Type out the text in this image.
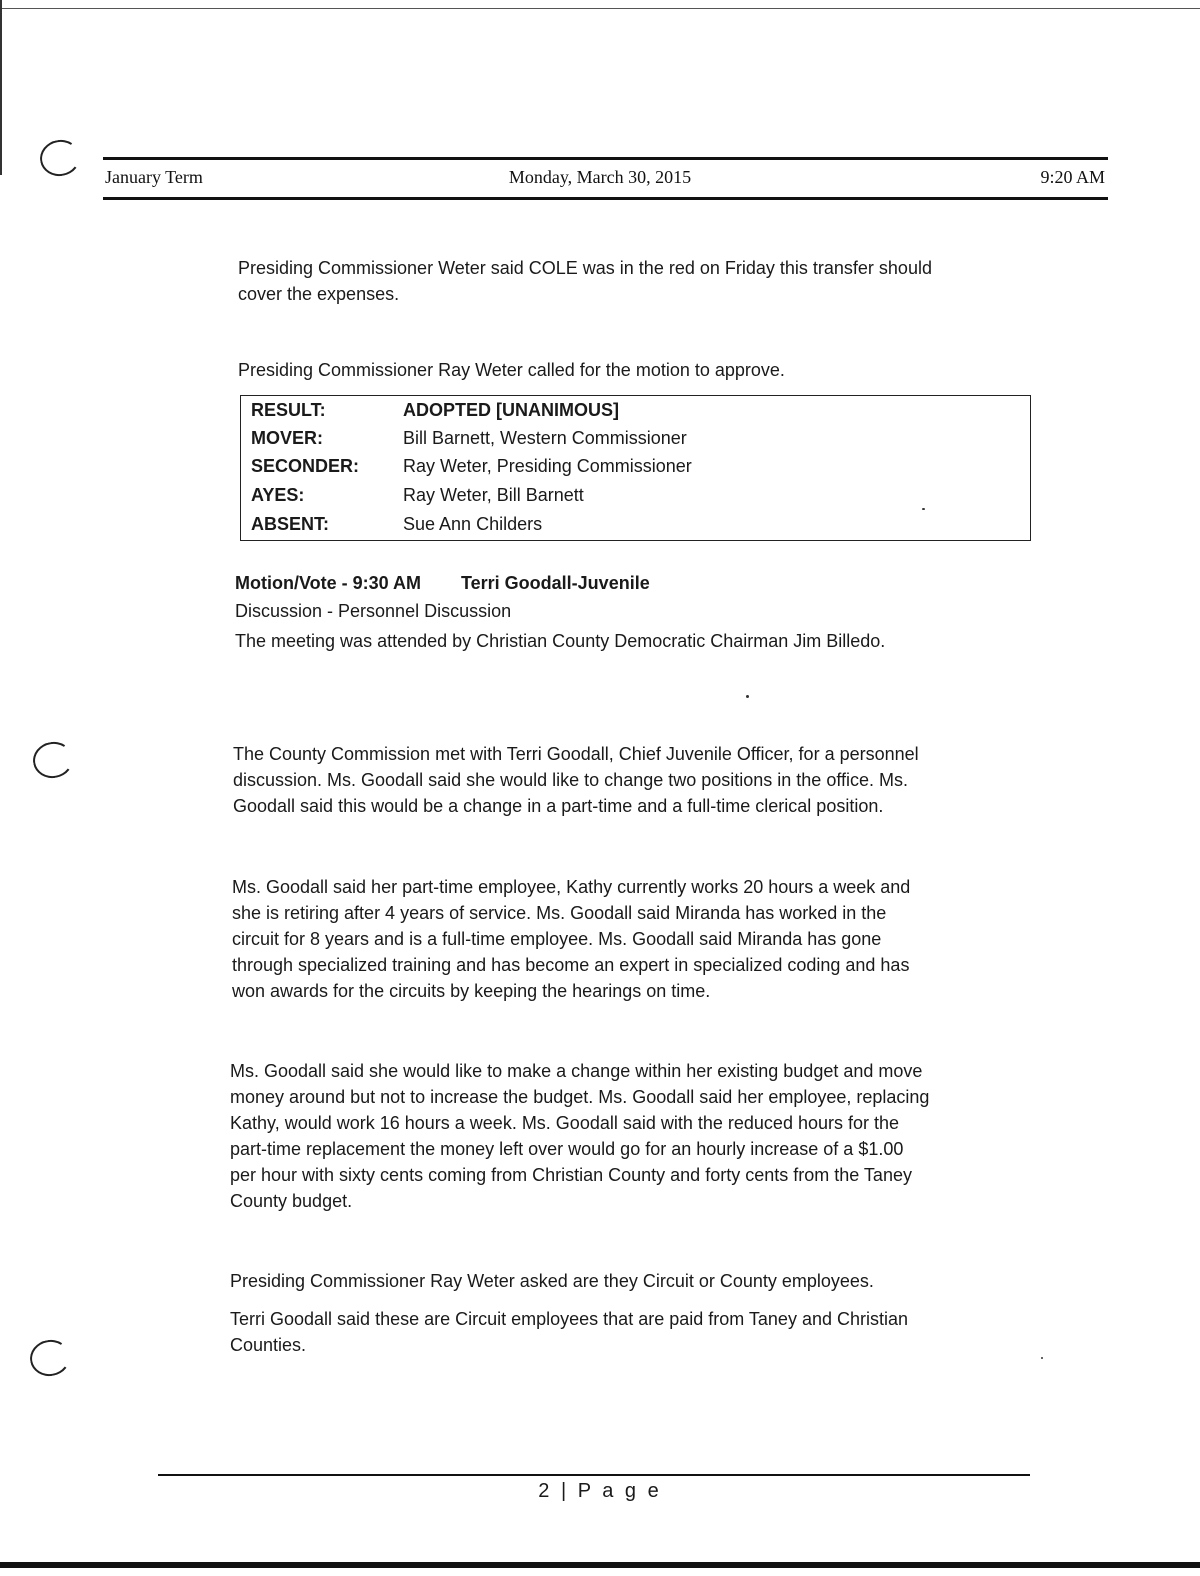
January Term	Monday, March 30, 2015	9:20 AM

Presiding Commissioner Weter said COLE was in the red on Friday this transfer should
cover the expenses.

Presiding Commissioner Ray Weter called for the motion to approve.

RESULT:	ADOPTED [UNANIMOUS]
MOVER:	Bill Barnett, Western Commissioner
SECONDER:	Ray Weter, Presiding Commissioner
AYES:	Ray Weter, Bill Barnett
ABSENT:	Sue Ann Childers
Motion/Vote - 9:30 AM Terri Goodall-Juvenile

Discussion - Personnel Discussion

The meeting was attended by Christian County Democratic Chairman Jim Billedo.

The County Commission met with Terri Goodall, Chief Juvenile Officer, for a personnel
discussion. Ms. Goodall said she would like to change two positions in the office. Ms.
Goodall said this would be a change in a part-time and a full-time clerical position.

Ms. Goodall said her part-time employee, Kathy currently works 20 hours a week and
she is retiring after 4 years of service. Ms. Goodall said Miranda has worked in the
circuit for 8 years and is a full-time employee. Ms. Goodall said Miranda has gone
through specialized training and has become an expert in specialized coding and has
won awards for the circuits by keeping the hearings on time.

Ms. Goodall said she would like to make a change within her existing budget and move
money around but not to increase the budget. Ms. Goodall said her employee, replacing
Kathy, would work 16 hours a week. Ms. Goodall said with the reduced hours for the
part-time replacement the money left over would go for an hourly increase of a $1.00
per hour with sixty cents coming from Christian County and forty cents from the Taney
County budget.

Presiding Commissioner Ray Weter asked are they Circuit or County employees.

Terri Goodall said these are Circuit employees that are paid from Taney and Christian
Counties.

2 | P a g e
